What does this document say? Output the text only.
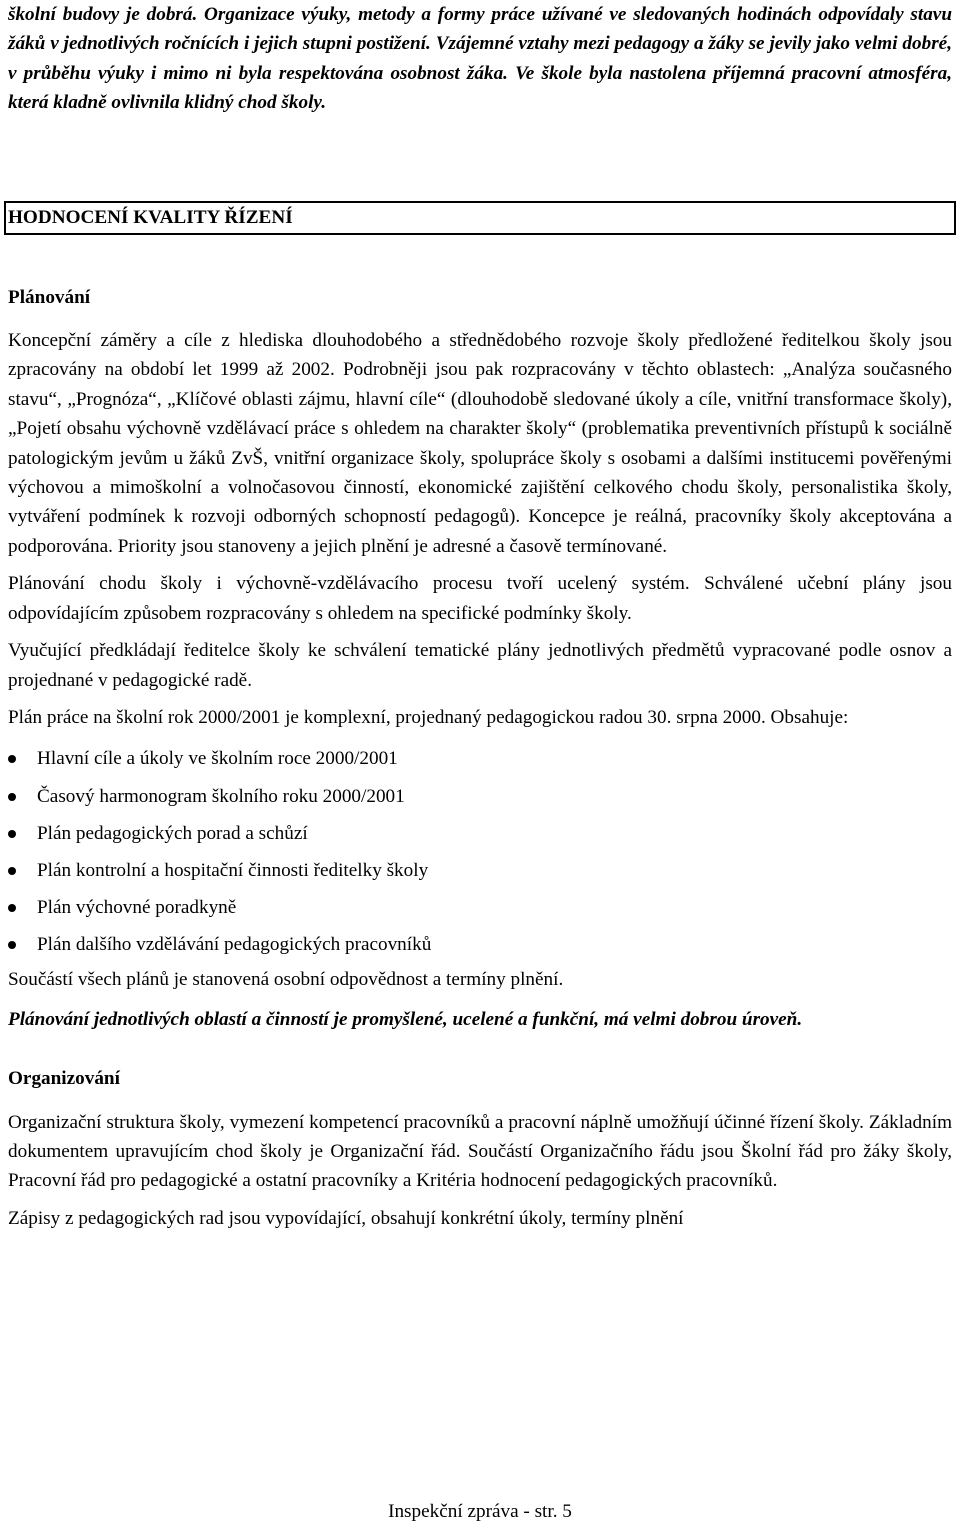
školní budovy je dobrá. Organizace výuky, metody a formy práce užívané ve sledovaných hodinách odpovídaly stavu žáků v jednotlivých ročnících i jejich stupni postižení. Vzájemné vztahy mezi pedagogy a žáky se jevily jako velmi dobré, v průběhu výuky i mimo ni byla respektována osobnost žáka. Ve škole byla nastolena příjemná pracovní atmosféra, která kladně ovlivnila klidný chod školy.

HODNOCENÍ KVALITY ŘÍZENÍ

Plánování

Koncepční záměry a cíle z hlediska dlouhodobého a střednědobého rozvoje školy předložené ředitelkou školy jsou zpracovány na období let 1999 až 2002. Podrobněji jsou pak rozpracovány v těchto oblastech: „Analýza současného stavu“, „Prognóza“, „Klíčové oblasti zájmu, hlavní cíle“ (dlouhodobě sledované úkoly a cíle, vnitřní transformace školy), „Pojetí obsahu výchovně vzdělávací práce s ohledem na charakter školy“ (problematika preventivních přístupů k sociálně patologickým jevům u žáků ZvŠ, vnitřní organizace školy, spolupráce školy s osobami a dalšími institucemi pověřenými výchovou a mimoškolní a volnočasovou činností, ekonomické zajištění celkového chodu školy, personalistika školy, vytváření podmínek k rozvoji odborných schopností pedagogů). Koncepce je reálná, pracovníky školy akceptována a podporována. Priority jsou stanoveny a jejich plnění je adresné a časově termínované.

Plánování chodu školy i výchovně-vzdělávacího procesu tvoří ucelený systém. Schválené učební plány jsou odpovídajícím způsobem rozpracovány s ohledem na specifické podmínky školy.

Vyučující předkládají ředitelce školy ke schválení tematické plány jednotlivých předmětů vypracované podle osnov a projednané v pedagogické radě.

Plán práce na školní rok 2000/2001 je komplexní, projednaný pedagogickou radou 30. srpna 2000. Obsahuje:

Hlavní cíle a úkoly ve školním roce 2000/2001
Časový harmonogram školního roku 2000/2001
Plán pedagogických porad a schůzí
Plán kontrolní a hospitační činnosti ředitelky školy
Plán výchovné poradkyně
Plán dalšího vzdělávání pedagogických pracovníků

Součástí všech plánů je stanovená osobní odpovědnost a termíny plnění.

Plánování jednotlivých oblastí a činností je promyšlené, ucelené a funkční, má velmi dobrou úroveň.

Organizování

Organizační struktura školy, vymezení kompetencí pracovníků a pracovní náplně umožňují účinné řízení školy. Základním dokumentem upravujícím chod školy je Organizační řád. Součástí Organizačního řádu jsou Školní řád pro žáky školy, Pracovní řád pro pedagogické a ostatní pracovníky a Kritéria hodnocení pedagogických pracovníků.

Zápisy z pedagogických rad jsou vypovídající, obsahují konkrétní úkoly, termíny plnění

Inspekční zpráva - str. 5
